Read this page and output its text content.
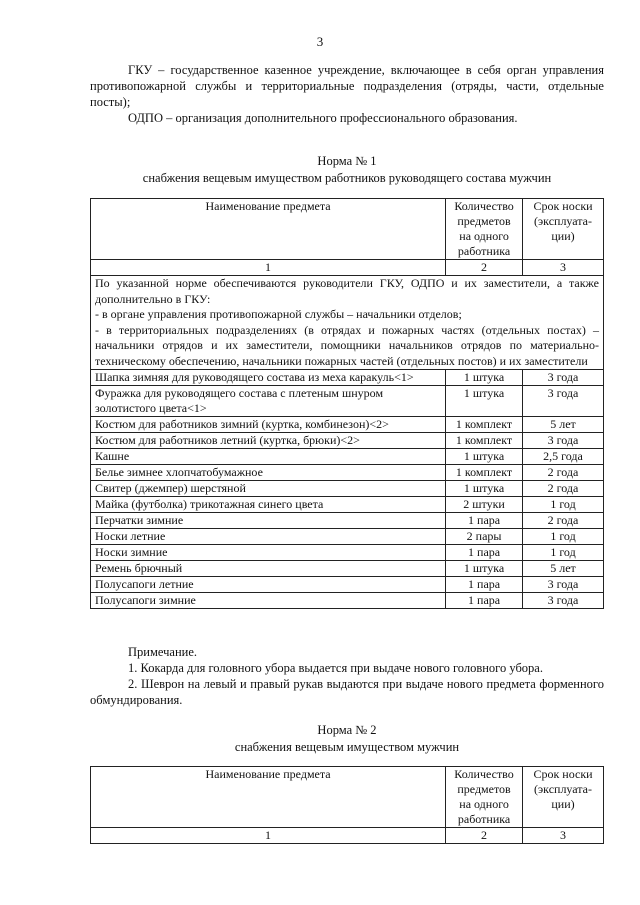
3
ГКУ – государственное казенное учреждение, включающее в себя орган управления противопожарной службы и территориальные подразделения (отряды, части, отдельные посты);
ОДПО – организация дополнительного профессионального образования.
Норма № 1
снабжения вещевым имуществом работников руководящего состава мужчин
Наименование предмета	Количество предметов на одного работника	Срок носки (эксплуата-ции)
1	2	3
По указанной норме обеспечиваются руководители ГКУ, ОДПО и их заместители, а также дополнительно в ГКУ:
- в органе управления противопожарной службы – начальники отделов;
- в территориальных подразделениях (в отрядах и пожарных частях (отдельных постах) – начальники отрядов и их заместители, помощники начальников отрядов по материально-техническому обеспечению, начальники пожарных частей (отдельных постов) и их заместители		
Шапка зимняя для руководящего состава из меха каракуль<1>	1 штука	3 года
Фуражка для руководящего состава с плетеным шнуром золотистого цвета<1>	1 штука	3 года
Костюм для работников зимний (куртка, комбинезон)<2>	1 комплект	5 лет
Костюм для работников летний (куртка, брюки)<2>	1 комплект	3 года
Кашне	1 штука	2,5 года
Белье зимнее хлопчатобумажное	1 комплект	2 года
Свитер (джемпер) шерстяной	1 штука	2 года
Майка (футболка) трикотажная синего цвета	2 штуки	1 год
Перчатки зимние	1 пара	2 года
Носки летние	2 пары	1 год
Носки зимние	1 пара	1 год
Ремень брючный	1 штука	5 лет
Полусапоги летние	1 пара	3 года
Полусапоги зимние	1 пара	3 года
Примечание.
1. Кокарда для головного убора выдается при выдаче нового головного убора.
2. Шеврон на левый и правый рукав выдаются при выдаче нового предмета форменного обмундирования.
Норма № 2
снабжения вещевым имуществом мужчин
Наименование предмета	Количество предметов на одного работника	Срок носки (эксплуата-ции)
1	2	3
